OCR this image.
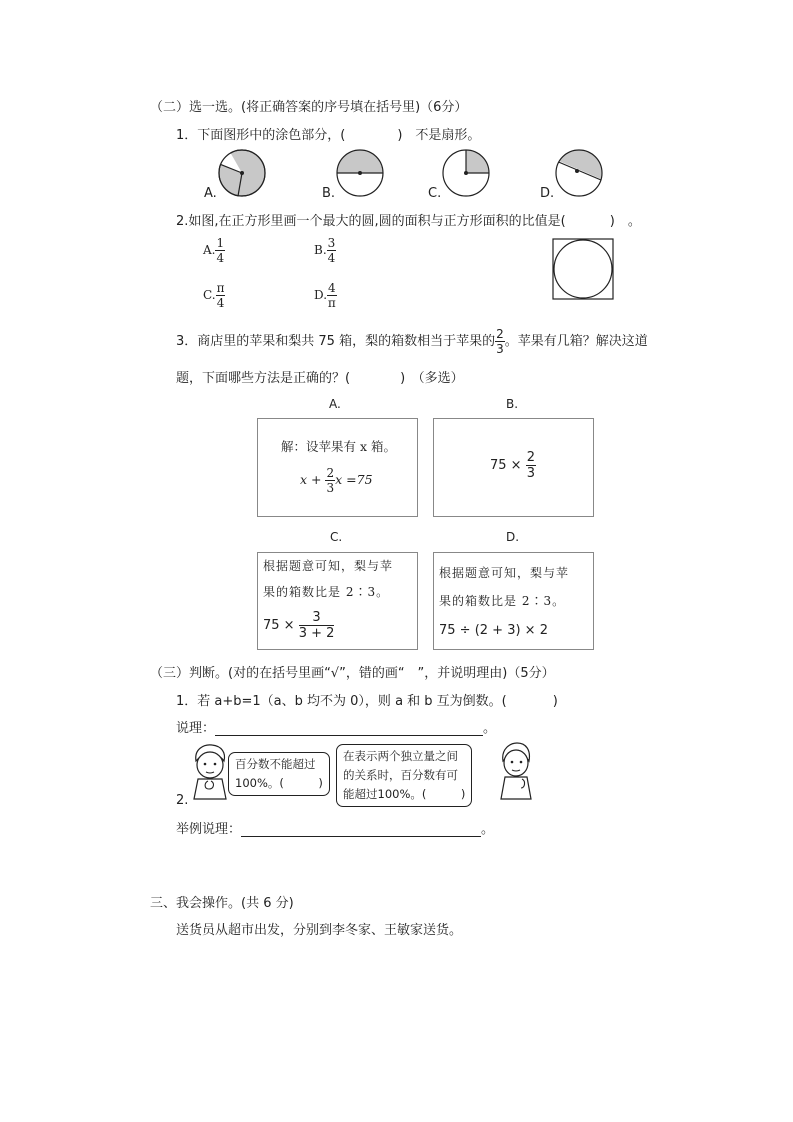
（二）选一选。(将正确答案的序号填在括号里)（6分）
1．下面图形中的涂色部分，(	)　不是扇形。
A.	B.	C.	D.
2.如图,在正方形里画一个最大的圆,圆的面积与正方形面积的比值是(	)　。
A. $\frac{1}{4}$	B. $\frac{3}{4}$
C. $\frac{\pi}{4}$	D. $\frac{4}{\pi}$
3．商店里的苹果和梨共 75 箱，梨的箱数相当于苹果的 $\frac{2}{3}$ 。苹果有几箱？解决这道
题，下面哪些方法是正确的？(	)　（多选）
A.	B.
C.	D.
解：设苹果有 x 箱。
$x + \frac{2}{3}$ x =75
$75 \times \frac{2}{3}$
根据题意可知，梨与苹
果的箱数比是 2∶3。
$75 \times \frac{3}{3 + 2}$
根据题意可知，梨与苹
果的箱数比是 2∶3。
75 ÷ (2 + 3) × 2
（三）判断。(对的在括号里画“√”，错的画“　”，并说明理由)（5分）
1．若 a+b=1（a、b 均不为 0），则 a 和 b 互为倒数。(	)
说理：	。
百分数不能超过
100%。(　　　)
在表示两个独立量之间
的关系时，百分数有可
能超过100%。(　　　)
2.
举例说理：	。
三、我会操作。(共 6 分)
送货员从超市出发，分别到李冬家、王敏家送货。
